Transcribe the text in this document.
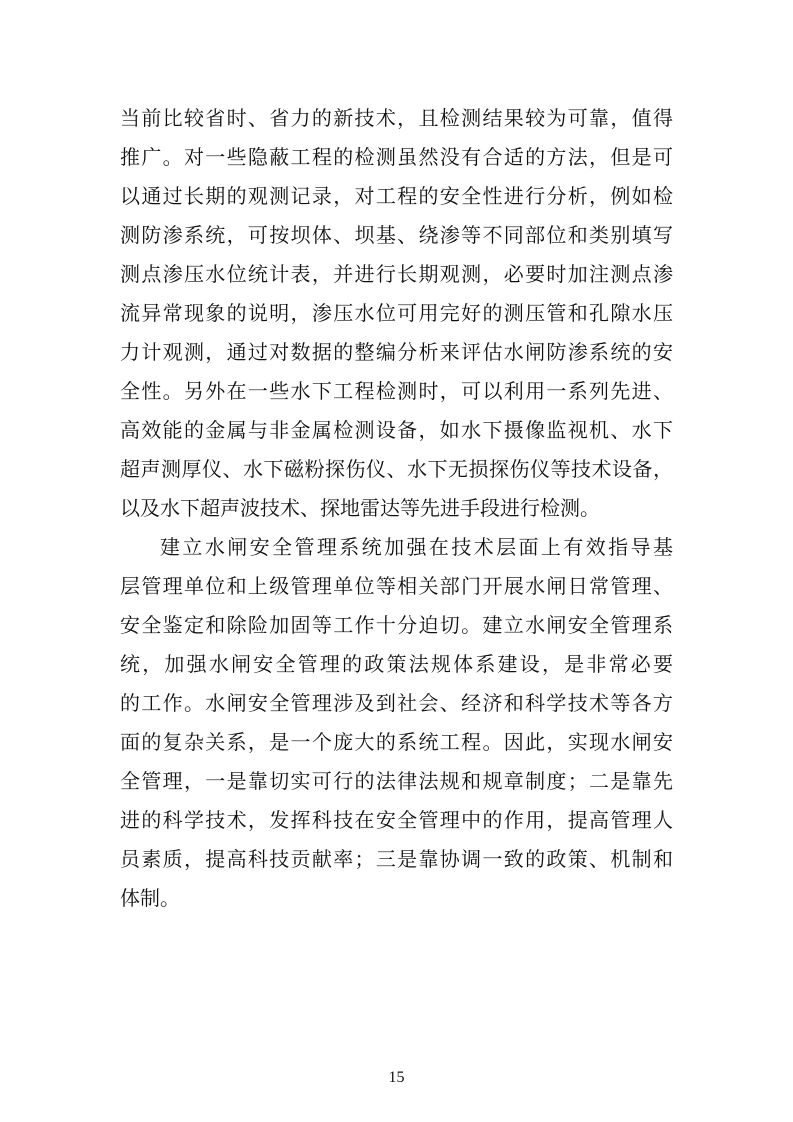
当前比较省时、省力的新技术，且检测结果较为可靠，值得

推广。对一些隐蔽工程的检测虽然没有合适的方法，但是可

以通过长期的观测记录，对工程的安全性进行分析，例如检

测防渗系统，可按坝体、坝基、绕渗等不同部位和类别填写

测点渗压水位统计表，并进行长期观测，必要时加注测点渗

流异常现象的说明，渗压水位可用完好的测压管和孔隙水压

力计观测，通过对数据的整编分析来评估水闸防渗系统的安

全性。另外在一些水下工程检测时，可以利用一系列先进、

高效能的金属与非金属检测设备，如水下摄像监视机、水下

超声测厚仪、水下磁粉探伤仪、水下无损探伤仪等技术设备，

以及水下超声波技术、探地雷达等先进手段进行检测。

建立水闸安全管理系统加强在技术层面上有效指导基

层管理单位和上级管理单位等相关部门开展水闸日常管理、

安全鉴定和除险加固等工作十分迫切。建立水闸安全管理系

统，加强水闸安全管理的政策法规体系建设，是非常必要

的工作。水闸安全管理涉及到社会、经济和科学技术等各方

面的复杂关系，是一个庞大的系统工程。因此，实现水闸安

全管理，一是靠切实可行的法律法规和规章制度；二是靠先

进的科学技术，发挥科技在安全管理中的作用，提高管理人

员素质，提高科技贡献率；三是靠协调一致的政策、机制和

体制。

15
